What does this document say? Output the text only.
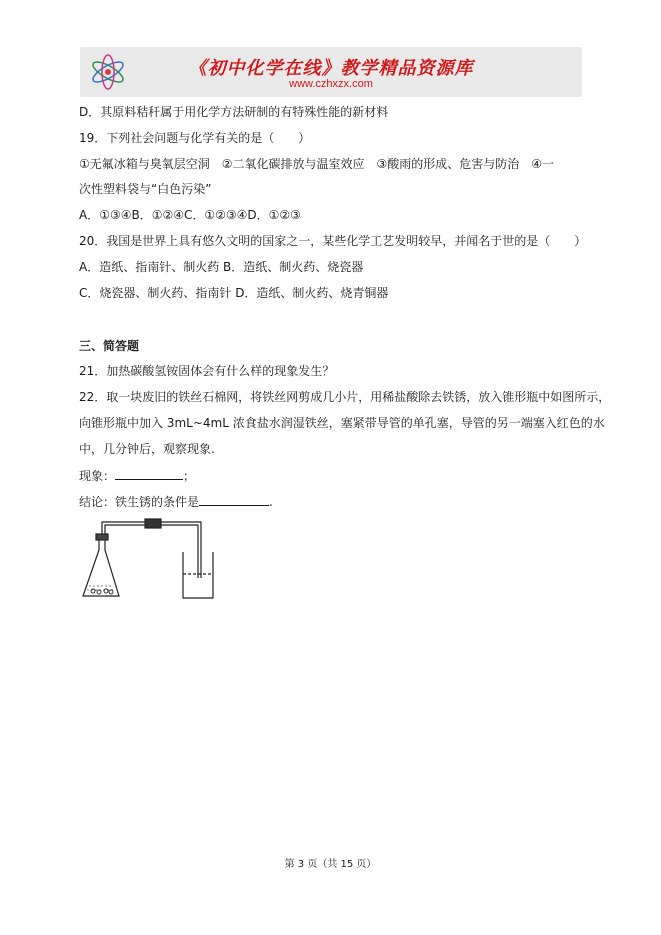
《初中化学在线》教学精品资源库
www.czhxzx.com
D．其原料秸秆属于用化学方法研制的有特殊性能的新材料
19．下列社会问题与化学有关的是（　　）
①无氟冰箱与臭氧层空洞　②二氧化碳排放与温室效应　③酸雨的形成、危害与防治　④一
次性塑料袋与“白色污染”
A．①③④B．①②④C．①②③④D．①②③
20．我国是世界上具有悠久文明的国家之一，某些化学工艺发明较早，并闻名于世的是（　　）
A．造纸、指南针、制火药 B．造纸、制火药、烧瓷器
C．烧瓷器、制火药、指南针 D．造纸、制火药、烧青铜器
三、简答题
21．加热碳酸氢铵固体会有什么样的现象发生？
22．取一块废旧的铁丝石棉网，将铁丝网剪成几小片，用稀盐酸除去铁锈，放入锥形瓶中如图所示，
向锥形瓶中加入 3mL~4mL 浓食盐水润湿铁丝，塞紧带导管的单孔塞，导管的另一端塞入红色的水
中，几分钟后，观察现象.
现象：	；
结论：铁生锈的条件是	.
第 3 页（共 15 页）
